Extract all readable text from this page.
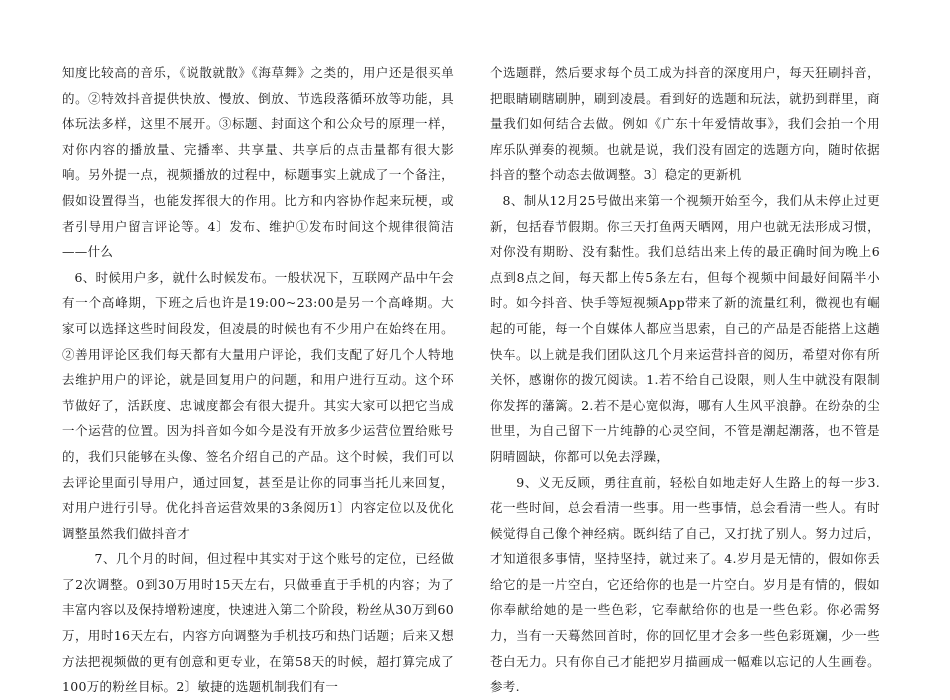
知度比较高的音乐，《说散就散》《海草舞》之类的，用户还是很买单的。②特效抖音提供快放、慢放、倒放、节选段落循环放等功能，具体玩法多样，这里不展开。③标题、封面这个和公众号的原理一样，对你内容的播放量、完播率、共享量、共享后的点击量都有很大影响。另外提一点，视频播放的过程中，标题事实上就成了一个备注，假如设置得当，也能发挥很大的作用。比方和内容协作起来玩梗，或者引导用户留言评论等。4〕发布、维护①发布时间这个规律很简洁——什么

6、时候用户多，就什么时候发布。一般状况下，互联网产品中午会有一个高峰期，下班之后也许是19:00~23:00是另一个高峰期。大家可以选择这些时间段发，但凌晨的时候也有不少用户在始终在用。②善用评论区我们每天都有大量用户评论，我们支配了好几个人特地去维护用户的评论，就是回复用户的问题，和用户进行互动。这个环节做好了，活跃度、忠诚度都会有很大提升。其实大家可以把它当成一个运营的位置。因为抖音如今如今是没有开放多少运营位置给账号的，我们只能够在头像、签名介绍自己的产品。这个时候，我们可以去评论里面引导用户，通过回复，甚至是让你的同事当托儿来回复，对用户进行引导。优化抖音运营效果的3条阅历1〕内容定位以及优化调整虽然我们做抖音才

7、几个月的时间，但过程中其实对于这个账号的定位，已经做了2次调整。0到30万用时15天左右，只做垂直于手机的内容；为了丰富内容以及保持增粉速度，快速进入第二个阶段，粉丝从30万到60万，用时16天左右，内容方向调整为手机技巧和热门话题；后来又想方法把视频做的更有创意和更专业，在第58天的时候，超打算完成了100万的粉丝目标。2〕敏捷的选题机制我们有一

个选题群，然后要求每个员工成为抖音的深度用户，每天狂刷抖音，把眼睛刷瞎刷肿，刷到凌晨。看到好的选题和玩法，就扔到群里，商量我们如何结合去做。例如《广东十年爱情故事》，我们会拍一个用库乐队弹奏的视频。也就是说，我们没有固定的选题方向，随时依据抖音的整个动态去做调整。3〕稳定的更新机

8、制从12月25号做出来第一个视频开始至今，我们从未停止过更新，包括春节假期。你三天打鱼两天晒网，用户也就无法形成习惯，对你没有期盼、没有黏性。我们总结出来上传的最正确时间为晚上6点到8点之间，每天都上传5条左右，但每个视频中间最好间隔半小时。如今抖音、快手等短视频App带来了新的流量红利，微视也有崛起的可能，每一个自媒体人都应当思索，自己的产品是否能搭上这趟快车。以上就是我们团队这几个月来运营抖音的阅历，希望对你有所关怀，感谢你的拨冗阅读。1.若不给自己设限，则人生中就没有限制你发挥的藩篱。2.若不是心宽似海，哪有人生风平浪静。在纷杂的尘世里，为自己留下一片纯静的心灵空间，不管是潮起潮落，也不管是阴晴圆缺，你都可以免去浮躁，

9、义无反顾，勇往直前，轻松自如地走好人生路上的每一步3.花一些时间，总会看清一些事。用一些事情，总会看清一些人。有时候觉得自己像个神经病。既纠结了自己，又打扰了别人。努力过后，才知道很多事情，坚持坚持，就过来了。4.岁月是无情的，假如你丢给它的是一片空白，它还给你的也是一片空白。岁月是有情的，假如你奉献给她的是一些色彩，它奉献给你的也是一些色彩。你必需努力，当有一天蓦然回首时，你的回忆里才会多一些色彩斑斓，少一些苍白无力。只有你自己才能把岁月描画成一幅难以忘记的人生画卷。参考.
